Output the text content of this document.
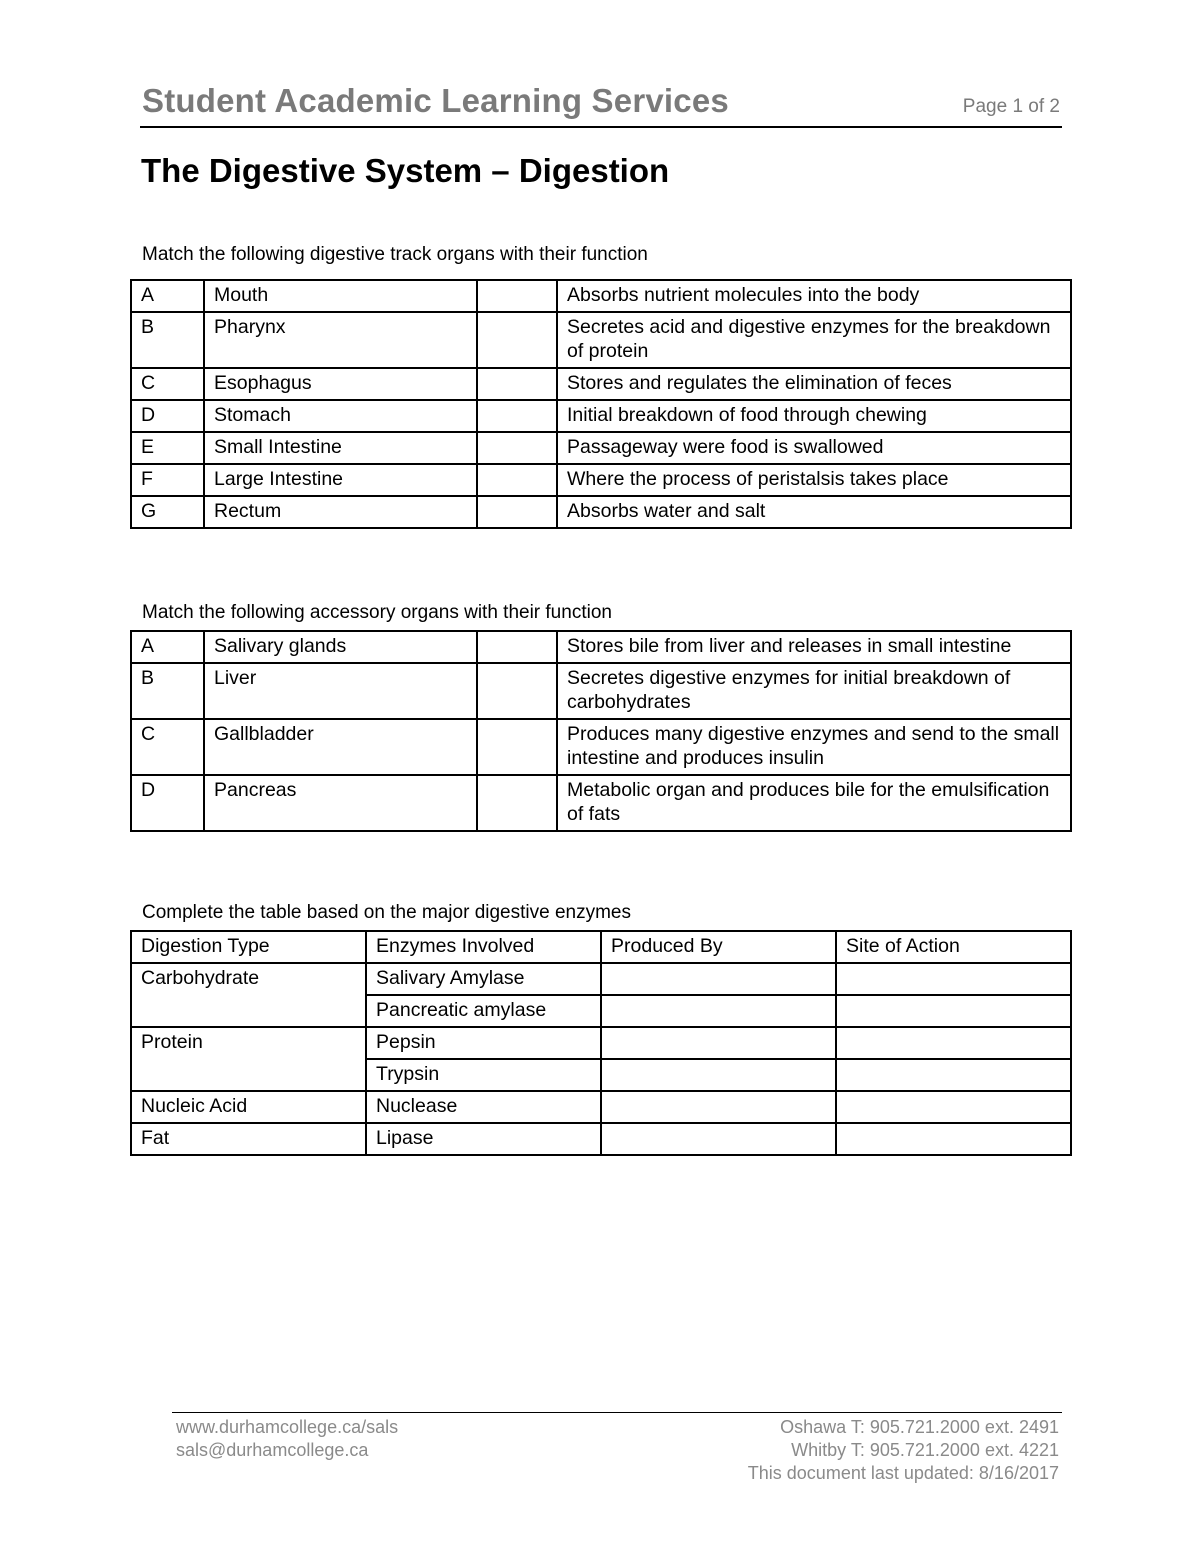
Student Academic Learning Services	Page 1 of 2
The Digestive System – Digestion
Match the following digestive track organs with their function
A	Mouth		Absorbs nutrient molecules into the body
B	Pharynx		Secretes acid and digestive enzymes for the breakdown of protein
C	Esophagus		Stores and regulates the elimination of feces
D	Stomach		Initial breakdown of food through chewing
E	Small Intestine		Passageway were food is swallowed
F	Large Intestine		Where the process of peristalsis takes place
G	Rectum		Absorbs water and salt
Match the following accessory organs with their function
A	Salivary glands		Stores bile from liver and releases in small intestine
B	Liver		Secretes digestive enzymes for initial breakdown of carbohydrates
C	Gallbladder		Produces many digestive enzymes and send to the small intestine and produces insulin
D	Pancreas		Metabolic organ and produces bile for the emulsification of fats
Complete the table based on the major digestive enzymes
Digestion Type	Enzymes Involved	Produced By	Site of Action
Carbohydrate	Salivary Amylase		
	Pancreatic amylase		
Protein	Pepsin		
	Trypsin		
Nucleic Acid	Nuclease		
Fat	Lipase		
www.durhamcollege.ca/sals
sals@durhamcollege.ca
Oshawa T: 905.721.2000 ext. 2491
Whitby T: 905.721.2000 ext. 4221
This document last updated: 8/16/2017
